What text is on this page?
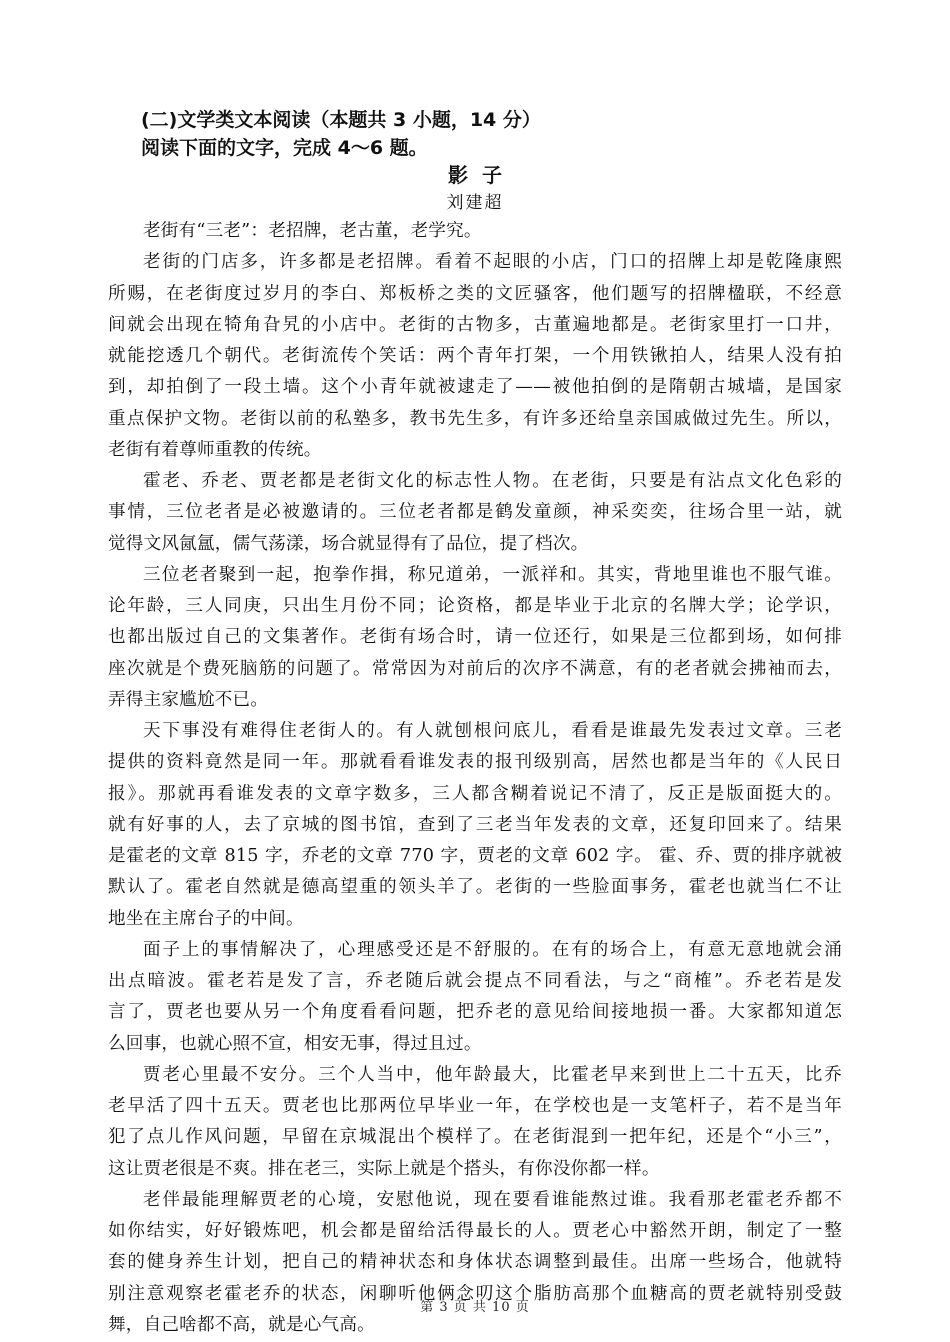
(二)文学类文本阅读（本题共 3 小题，14 分）
阅读下面的文字，完成 4～6 题。
影子
刘建超
老街有“三老”：老招牌，老古董，老学究。
老街的门店多，许多都是老招牌。看着不起眼的小店，门口的招牌上却是乾隆康熙
所赐，在老街度过岁月的李白、郑板桥之类的文匠骚客，他们题写的招牌楹联，不经意
间就会出现在犄角旮旯的小店中。老街的古物多，古董遍地都是。老街家里打一口井，
就能挖透几个朝代。老街流传个笑话：两个青年打架，一个用铁锹拍人，结果人没有拍
到，却拍倒了一段土墙。这个小青年就被逮走了——被他拍倒的是隋朝古城墙，是国家
重点保护文物。老街以前的私塾多，教书先生多，有许多还给皇亲国戚做过先生。所以，
老街有着尊师重教的传统。
霍老、乔老、贾老都是老街文化的标志性人物。在老街，只要是有沾点文化色彩的
事情，三位老者是必被邀请的。三位老者都是鹤发童颜，神采奕奕，往场合里一站，就
觉得文风氤氲，儒气荡漾，场合就显得有了品位，提了档次。
三位老者聚到一起，抱拳作揖，称兄道弟，一派祥和。其实，背地里谁也不服气谁。
论年龄，三人同庚，只出生月份不同；论资格，都是毕业于北京的名牌大学；论学识，
也都出版过自己的文集著作。老街有场合时，请一位还行，如果是三位都到场，如何排
座次就是个费死脑筋的问题了。常常因为对前后的次序不满意，有的老者就会拂袖而去，
弄得主家尴尬不已。
天下事没有难得住老街人的。有人就刨根问底儿，看看是谁最先发表过文章。三老
提供的资料竟然是同一年。那就看看谁发表的报刊级别高，居然也都是当年的《人民日
报》。那就再看谁发表的文章字数多，三人都含糊着说记不清了，反正是版面挺大的。
就有好事的人，去了京城的图书馆，查到了三老当年发表的文章，还复印回来了。结果
是霍老的文章 815 字，乔老的文章 770 字，贾老的文章 602 字。 霍、乔、贾的排序就被
默认了。霍老自然就是德高望重的领头羊了。老街的一些脸面事务，霍老也就当仁不让
地坐在主席台子的中间。
面子上的事情解决了，心理感受还是不舒服的。在有的场合上，有意无意地就会涌
出点暗波。霍老若是发了言，乔老随后就会提点不同看法，与之“商榷”。乔老若是发
言了，贾老也要从另一个角度看看问题，把乔老的意见给间接地损一番。大家都知道怎
么回事，也就心照不宣，相安无事，得过且过。
贾老心里最不安分。三个人当中，他年龄最大，比霍老早来到世上二十五天，比乔
老早活了四十五天。贾老也比那两位早毕业一年，在学校也是一支笔杆子，若不是当年
犯了点儿作风问题，早留在京城混出个模样了。在老街混到一把年纪，还是个“小三”，
这让贾老很是不爽。排在老三，实际上就是个搭头，有你没你都一样。
老伴最能理解贾老的心境，安慰他说，现在要看谁能熬过谁。我看那老霍老乔都不
如你结实，好好锻炼吧，机会都是留给活得最长的人。贾老心中豁然开朗，制定了一整
套的健身养生计划，把自己的精神状态和身体状态调整到最佳。出席一些场合，他就特
别注意观察老霍老乔的状态，闲聊听他俩念叨这个脂肪高那个血糖高的贾老就特别受鼓
舞，自己啥都不高，就是心气高。
第 3 页 共 10 页
